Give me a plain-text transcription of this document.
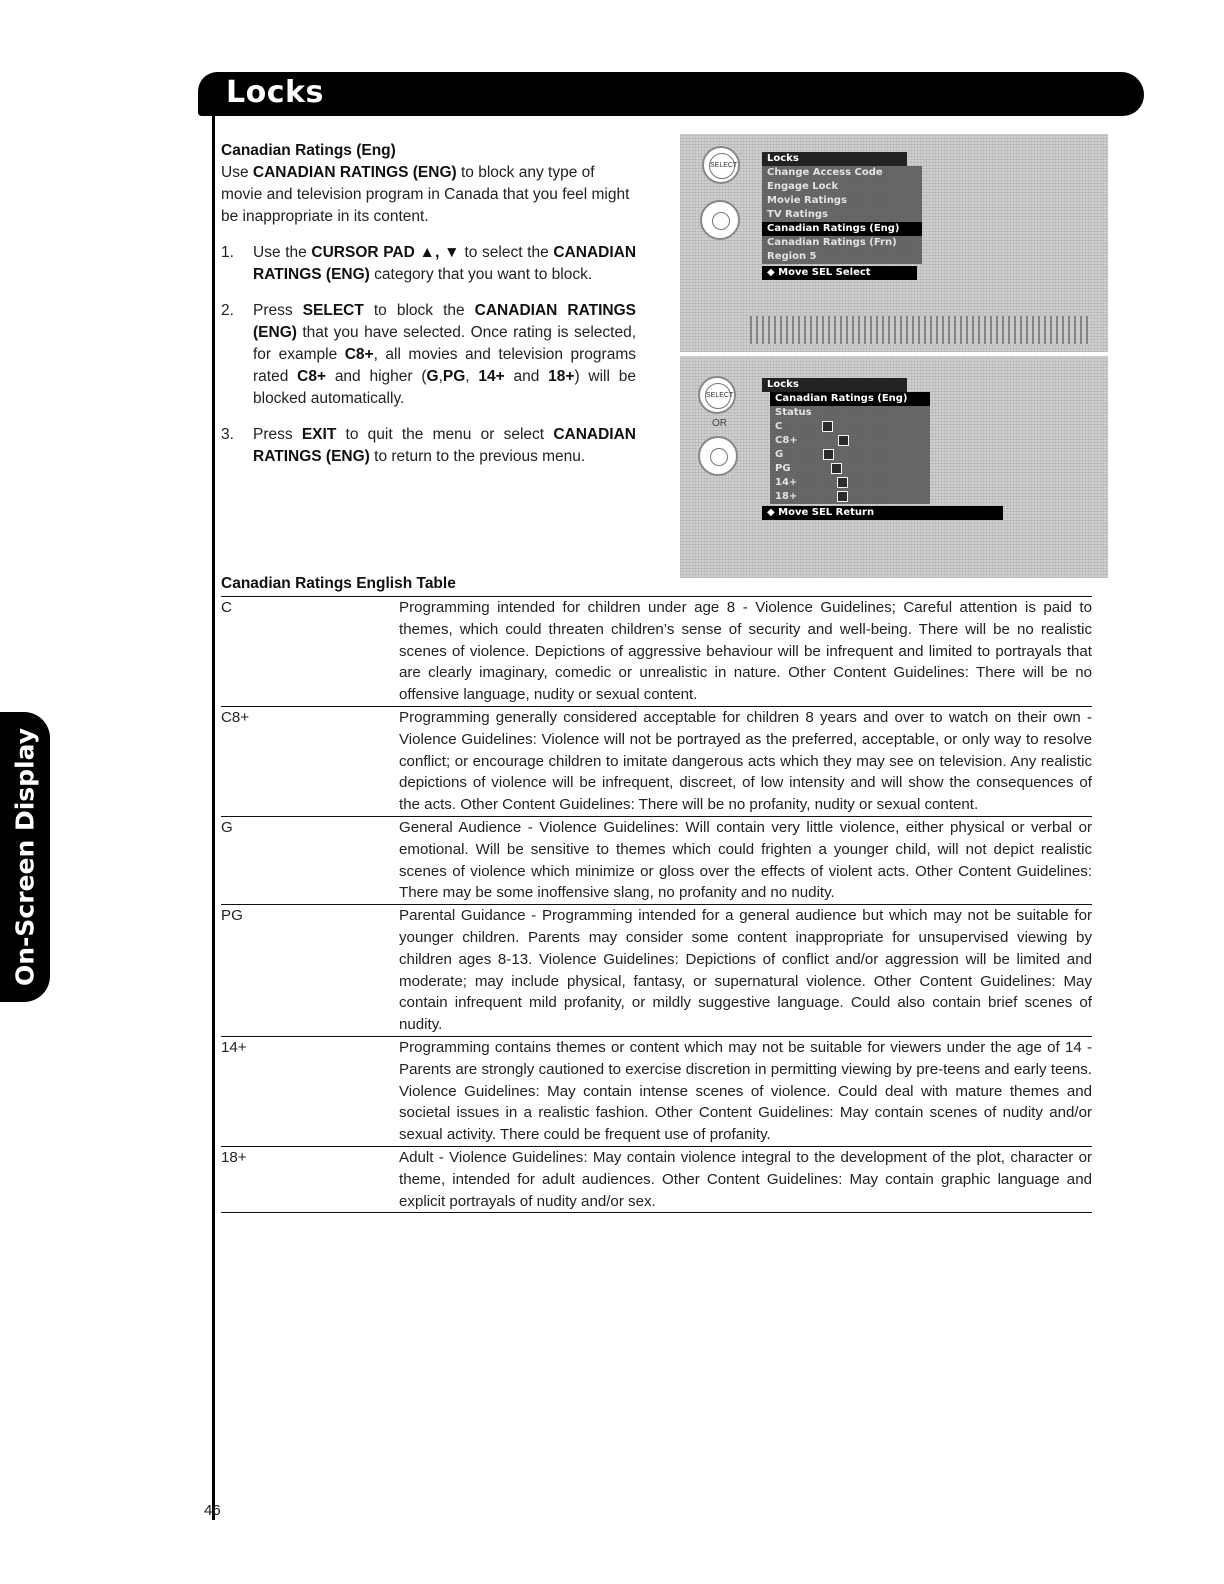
Locks
On-Screen Display
Canadian Ratings (Eng)

Use CANADIAN RATINGS (ENG) to block any type of movie and television program in Canada that you feel might be inappropriate in its content.

1. Use the CURSOR PAD ▲, ▼ to select the CANADIAN RATINGS (ENG) category that you want to block.
2. Press SELECT to block the CANADIAN RATINGS (ENG) that you have selected. Once rating is selected, for example C8+, all movies and television programs rated C8+ and higher (G,PG, 14+ and 18+) will be blocked automatically.
3. Press EXIT to quit the menu or select CANADIAN RATINGS (ENG) to return to the previous menu.
SELECT
Locks
Change Access Code
Engage Lock
Movie Ratings
TV Ratings
Canadian Ratings (Eng)
Canadian Ratings (Frn)
Region 5
◆ Move SEL Select
SELECT
OR
Locks
Canadian Ratings (Eng)
Status
C
C8+
G
PG
14+
18+
◆ Move SEL Return
Canadian Ratings English Table
C	Programming intended for children under age 8 - Violence Guidelines; Careful attention is paid to themes, which could threaten children’s sense of security and well-being. There will be no realistic scenes of violence. Depictions of aggressive behaviour will be infrequent and limited to portrayals that are clearly imaginary, comedic or unrealistic in nature. Other Content Guidelines: There will be no offensive language, nudity or sexual content.
C8+	Programming generally considered acceptable for children 8 years and over to watch on their own - Violence Guidelines: Violence will not be portrayed as the preferred, acceptable, or only way to resolve conflict; or encourage children to imitate dangerous acts which they may see on television. Any realistic depictions of violence will be infrequent, discreet, of low intensity and will show the consequences of the acts. Other Content Guidelines: There will be no profanity, nudity or sexual content.
G	General Audience - Violence Guidelines: Will contain very little violence, either physical or verbal or emotional. Will be sensitive to themes which could frighten a younger child, will not depict realistic scenes of violence which minimize or gloss over the effects of violent acts. Other Content Guidelines: There may be some inoffensive slang, no profanity and no nudity.
PG	Parental Guidance - Programming intended for a general audience but which may not be suitable for younger children. Parents may consider some content inappropriate for unsupervised viewing by children ages 8-13. Violence Guidelines: Depictions of conflict and/or aggression will be limited and moderate; may include physical, fantasy, or supernatural violence. Other Content Guidelines: May contain infrequent mild profanity, or mildly suggestive language. Could also contain brief scenes of nudity.
14+	Programming contains themes or content which may not be suitable for viewers under the age of 14 - Parents are strongly cautioned to exercise discretion in permitting viewing by pre-teens and early teens. Violence Guidelines: May contain intense scenes of violence. Could deal with mature themes and societal issues in a realistic fashion. Other Content Guidelines: May contain scenes of nudity and/or sexual activity. There could be frequent use of profanity.
18+	Adult - Violence Guidelines: May contain violence integral to the development of the plot, character or theme, intended for adult audiences. Other Content Guidelines: May contain graphic language and explicit portrayals of nudity and/or sex.
46
